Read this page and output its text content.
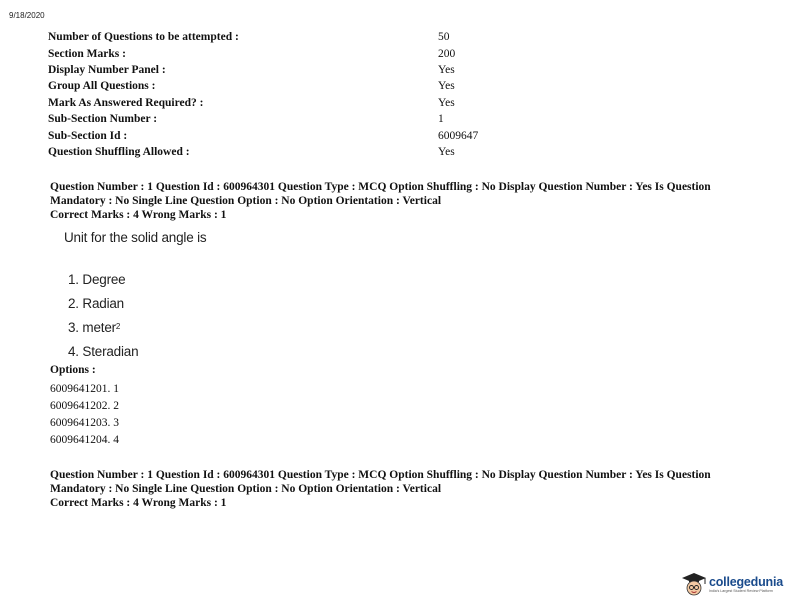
9/18/2020
Number of Questions to be attempted :	50
Section Marks :	200
Display Number Panel :	Yes
Group All Questions :	Yes
Mark As Answered Required? :	Yes
Sub-Section Number :	1
Sub-Section Id :	6009647
Question Shuffling Allowed :	Yes
Question Number : 1 Question Id : 600964301 Question Type : MCQ Option Shuffling : No Display Question Number : Yes Is Question
Mandatory : No Single Line Question Option : No Option Orientation : Vertical
Correct Marks : 4 Wrong Marks : 1
Unit for the solid angle is
1. Degree
2. Radian
3. meter$^2$
4. Steradian
Options :
6009641201. 1
6009641202. 2
6009641203. 3
6009641204. 4
Question Number : 1 Question Id : 600964301 Question Type : MCQ Option Shuffling : No Display Question Number : Yes Is Question
Mandatory : No Single Line Question Option : No Option Orientation : Vertical
Correct Marks : 4 Wrong Marks : 1
collegedunia
India's Largest Student Review Platform
